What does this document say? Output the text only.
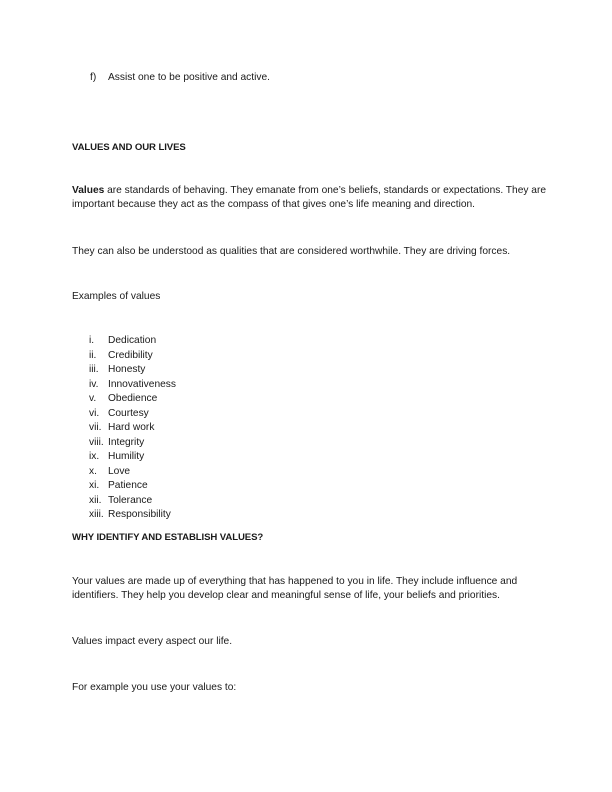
f) Assist one to be positive and active.
VALUES AND OUR LIVES
Values are standards of behaving. They emanate from one’s beliefs, standards or expectations. They are important because they act as the compass of that gives one’s life meaning and direction.
They can also be understood as qualities that are considered worthwhile. They are driving forces.
Examples of values
i. Dedication
ii. Credibility
iii. Honesty
iv. Innovativeness
v. Obedience
vi. Courtesy
vii. Hard work
viii. Integrity
ix. Humility
x. Love
xi. Patience
xii. Tolerance
xiii. Responsibility
WHY IDENTIFY AND ESTABLISH VALUES?
Your values are made up of everything that has happened to you in life. They include influence and identifiers. They help you develop clear and meaningful sense of life, your beliefs and priorities.
Values impact every aspect our life.
For example you use your values to:
